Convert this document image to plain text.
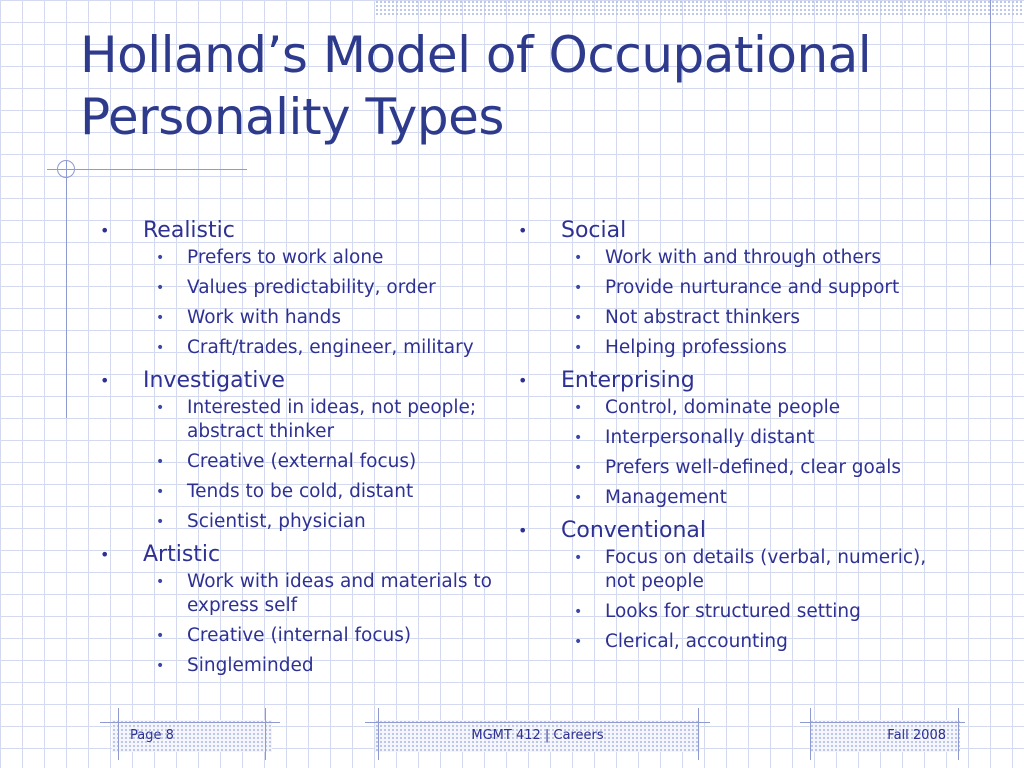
Holland’s Model of Occupational
Personality Types
• Realistic
• Prefers to work alone
• Values predictability, order
• Work with hands
• Craft/trades, engineer, military
• Investigative
• Interested in ideas, not people; abstract thinker
• Creative (external focus)
• Tends to be cold, distant
• Scientist, physician
• Artistic
• Work with ideas and materials to express self
• Creative (internal focus)
• Singleminded
• Social
• Work with and through others
• Provide nurturance and support
• Not abstract thinkers
• Helping professions
• Enterprising
• Control, dominate people
• Interpersonally distant
• Prefers well-defined, clear goals
• Management
• Conventional
• Focus on details (verbal, numeric), not people
• Looks for structured setting
• Clerical, accounting
Page 8	MGMT 412 | Careers	Fall 2008
